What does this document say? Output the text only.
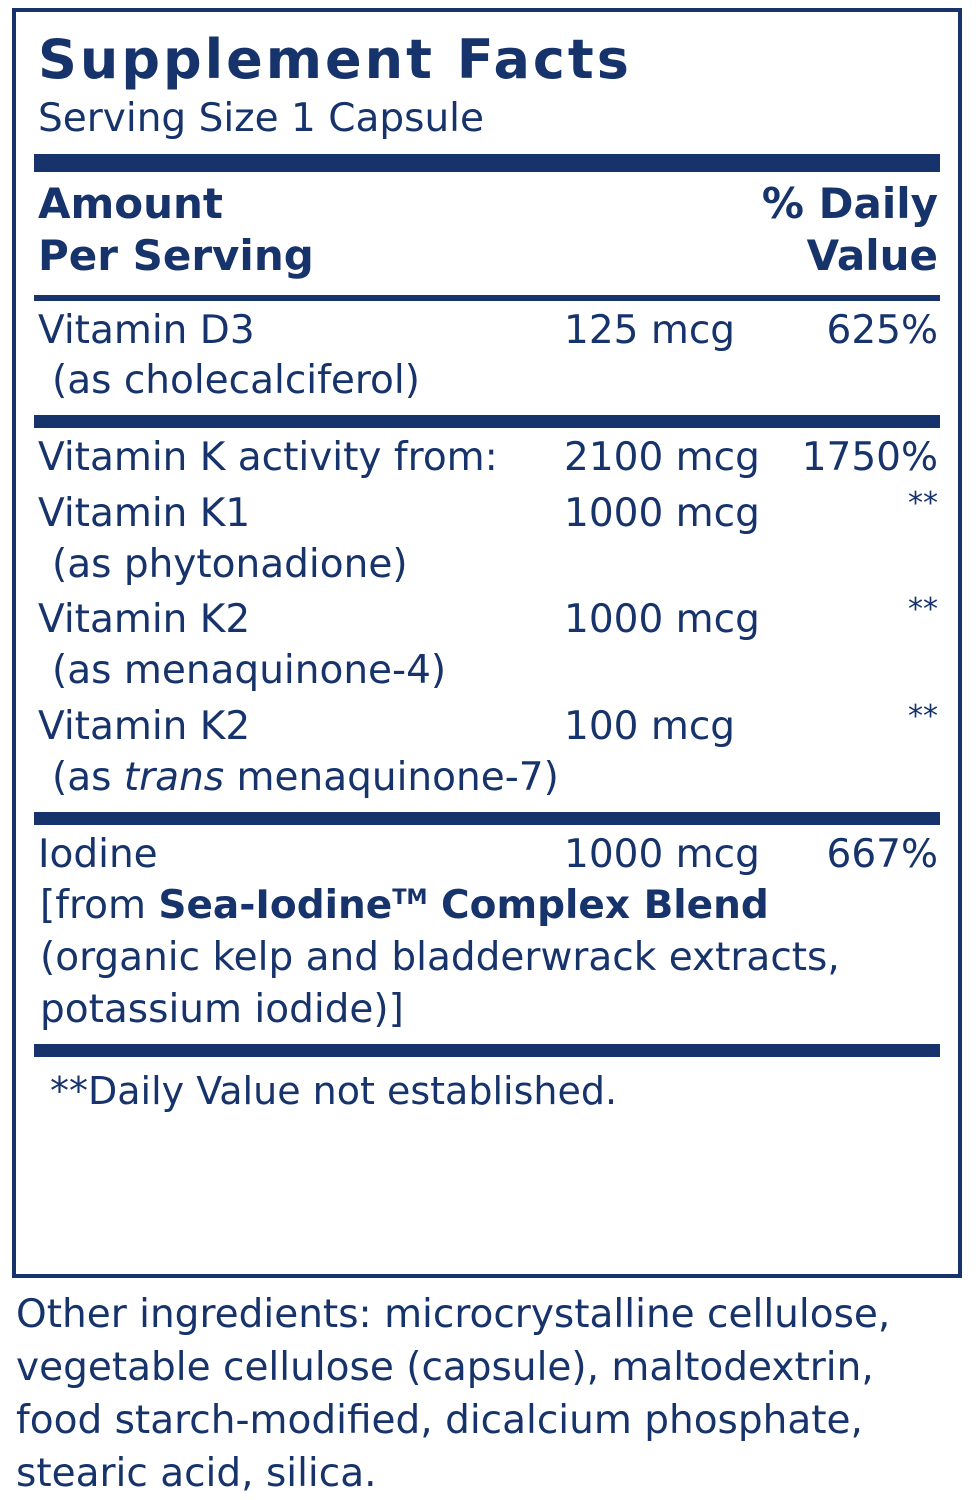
Supplement Facts
Serving Size 1 Capsule
Amount
Per Serving
% Daily
Value
Vitamin D3	125 mcg 625%
(as cholecalciferol)
Vitamin K activity from: 2100 mcg 1750%
Vitamin K1	1000 mcg	**
(as phytonadione)
Vitamin K2	1000 mcg	**
(as menaquinone-4)
Vitamin K2	100 mcg	**
(as trans menaquinone-7)
Iodine	1000 mcg 667%
[from Sea-Iodine™ Complex Blend
(organic kelp and bladderwrack extracts,
potassium iodide)]
**Daily Value not established.
Other ingredients: microcrystalline cellulose, vegetable cellulose (capsule), maltodextrin, food starch-modified, dicalcium phosphate, stearic acid, silica.
